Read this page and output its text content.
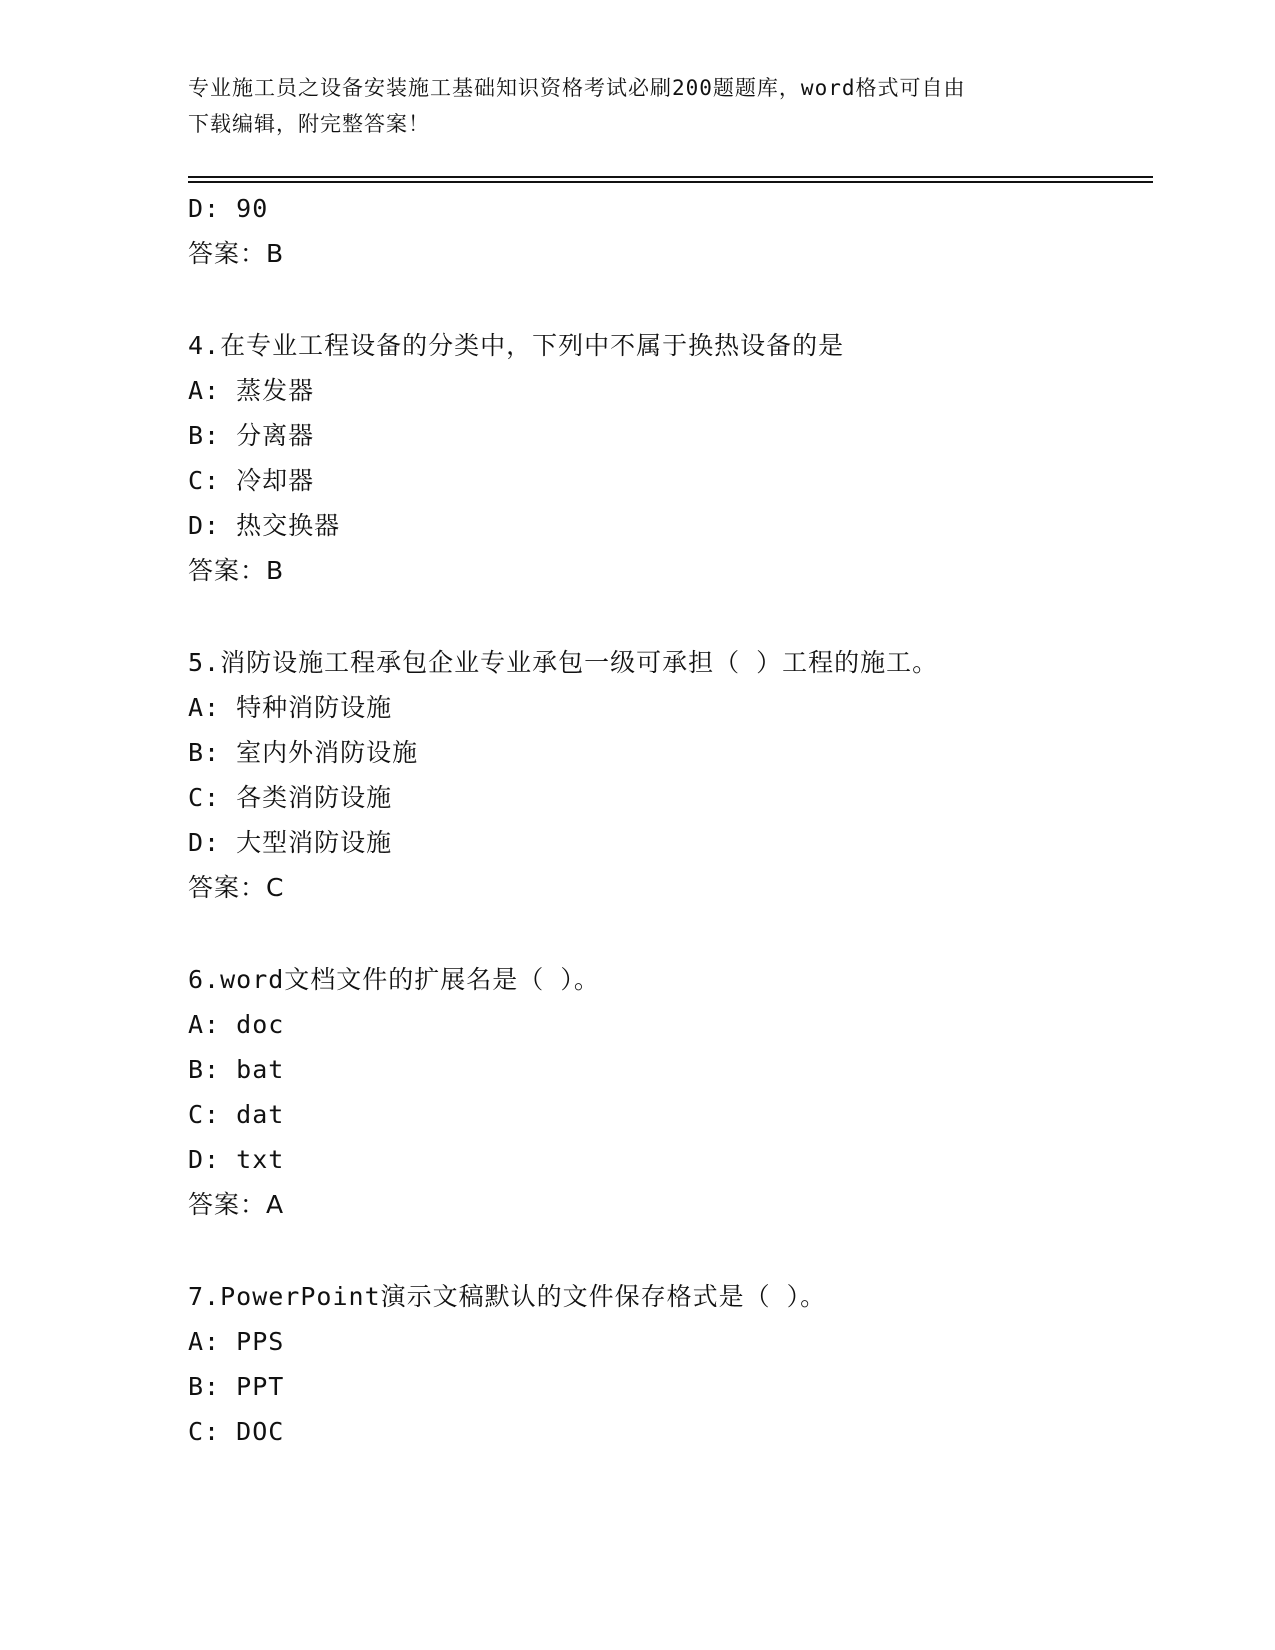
专业施工员之设备安装施工基础知识资格考试必刷200题题库，word格式可自由
下载编辑，附完整答案！
D: 90
答案：B
4.在专业工程设备的分类中，下列中不属于换热设备的是
A: 蒸发器
B: 分离器
C: 冷却器
D: 热交换器
答案：B
5.消防设施工程承包企业专业承包一级可承担（ ）工程的施工。
A: 特种消防设施
B: 室内外消防设施
C: 各类消防设施
D: 大型消防设施
答案：C
6.word文档文件的扩展名是（ ）。
A: doc
B: bat
C: dat
D: txt
答案：A
7.PowerPoint演示文稿默认的文件保存格式是（ ）。
A: PPS
B: PPT
C: DOC
